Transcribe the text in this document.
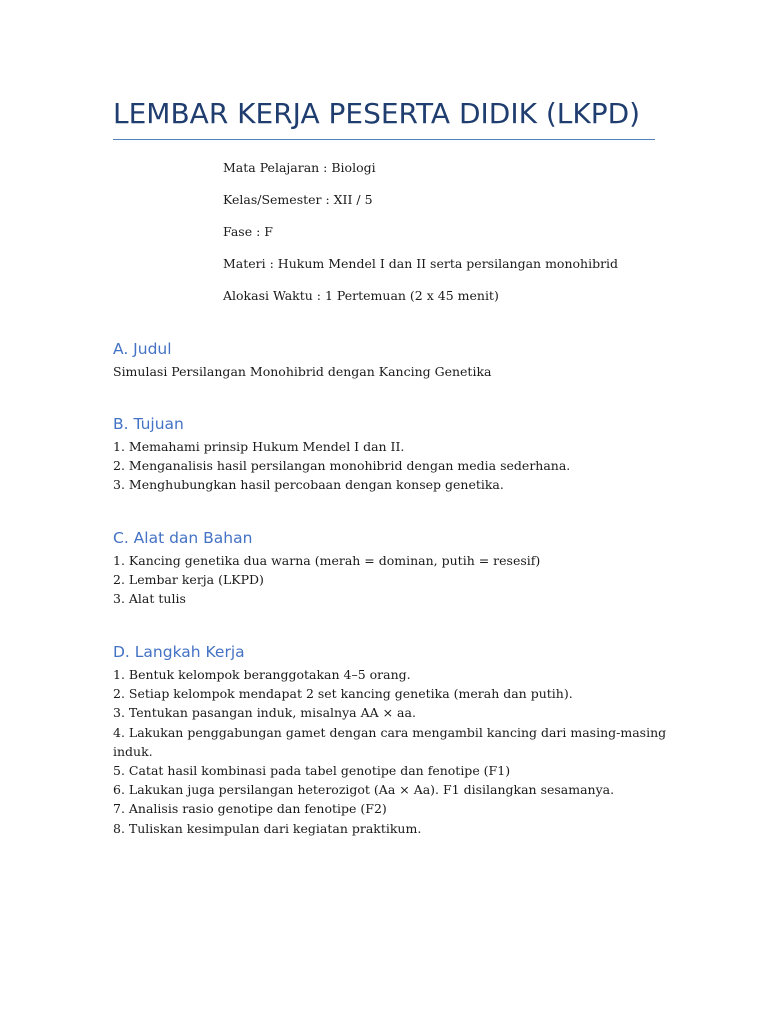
LEMBAR KERJA PESERTA DIDIK (LKPD)
Mata Pelajaran : Biologi
Kelas/Semester : XII / 5
Fase : F
Materi : Hukum Mendel I dan II serta persilangan monohibrid
Alokasi Waktu : 1 Pertemuan (2 x 45 menit)
A. Judul

Simulasi Persilangan Monohibrid dengan Kancing Genetika

B. Tujuan
1. Memahami prinsip Hukum Mendel I dan II.
2. Menganalisis hasil persilangan monohibrid dengan media sederhana.
3. Menghubungkan hasil percobaan dengan konsep genetika.
C. Alat dan Bahan
1. Kancing genetika dua warna (merah = dominan, putih = resesif)
2. Lembar kerja (LKPD)
3. Alat tulis
D. Langkah Kerja
1. Bentuk kelompok beranggotakan 4–5 orang.
2. Setiap kelompok mendapat 2 set kancing genetika (merah dan putih).
3. Tentukan pasangan induk, misalnya AA × aa.
4. Lakukan penggabungan gamet dengan cara mengambil kancing dari masing-masing induk.
5. Catat hasil kombinasi pada tabel genotipe dan fenotipe (F1)
6. Lakukan juga persilangan heterozigot (Aa × Aa). F1 disilangkan sesamanya.
7. Analisis rasio genotipe dan fenotipe (F2)
8. Tuliskan kesimpulan dari kegiatan praktikum.
